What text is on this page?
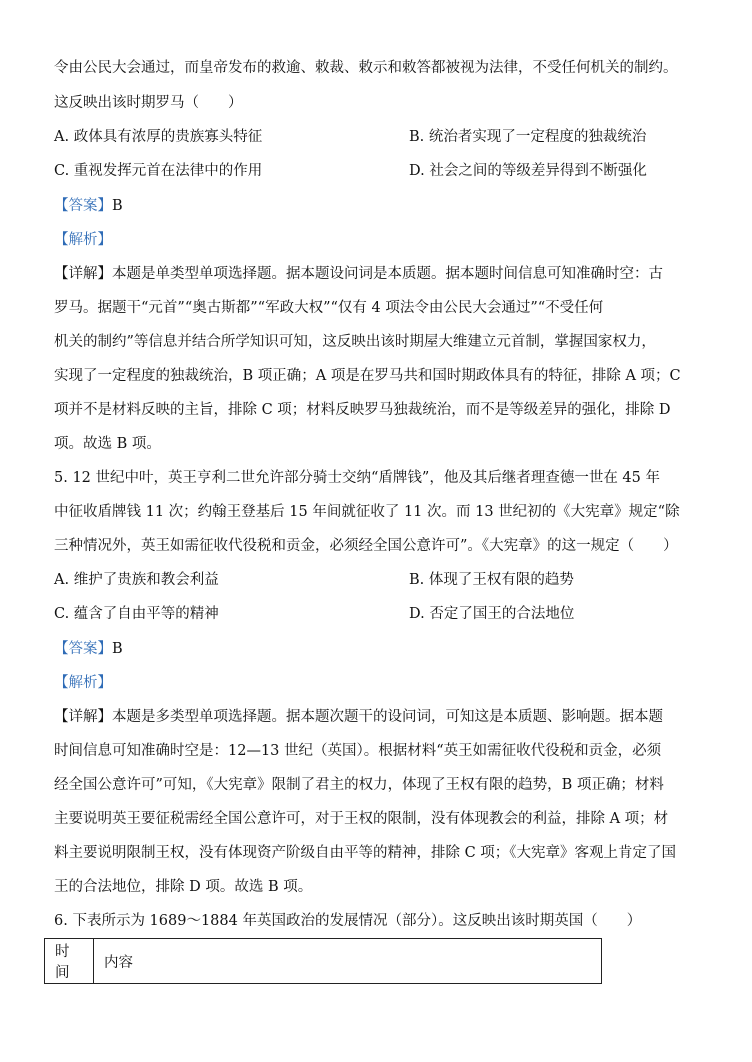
令由公民大会通过，而皇帝发布的救逾、敕裁、敕示和敕答都被视为法律，不受任何机关的制约。
这反映出该时期罗马（　　）
A. 政体具有浓厚的贵族寡头特征	B. 统治者实现了一定程度的独裁统治
C. 重视发挥元首在法律中的作用	D. 社会之间的等级差异得到不断强化
【答案】B
【解析】
【详解】本题是单类型单项选择题。据本题设问词是本质题。据本题时间信息可知准确时空：古
罗马。据题干“元首”“奥古斯都”“军政大权”“仅有 4 项法令由公民大会通过”“不受任何
机关的制约”等信息并结合所学知识可知，这反映出该时期屋大维建立元首制，掌握国家权力，
实现了一定程度的独裁统治，B 项正确；A 项是在罗马共和国时期政体具有的特征，排除 A 项；C
项并不是材料反映的主旨，排除 C 项；材料反映罗马独裁统治，而不是等级差异的强化，排除 D
项。故选 B 项。
5. 12 世纪中叶，英王亨利二世允许部分骑士交纳“盾牌钱”，他及其后继者理查德一世在 45 年
中征收盾牌钱 11 次；约翰王登基后 15 年间就征收了 11 次。而 13 世纪初的《大宪章》规定“除
三种情况外，英王如需征收代役税和贡金，必须经全国公意许可”。《大宪章》的这一规定（　　）
A. 维护了贵族和教会利益	B. 体现了王权有限的趋势
C. 蕴含了自由平等的精神	D. 否定了国王的合法地位
【答案】B
【解析】
【详解】本题是多类型单项选择题。据本题次题干的设问词，可知这是本质题、影响题。据本题
时间信息可知准确时空是：12—13 世纪（英国）。根据材料“英王如需征收代役税和贡金，必须
经全国公意许可”可知，《大宪章》限制了君主的权力，体现了王权有限的趋势，B 项正确；材料
主要说明英王要征税需经全国公意许可，对于王权的限制，没有体现教会的利益，排除 A 项；材
料主要说明限制王权，没有体现资产阶级自由平等的精神，排除 C 项；《大宪章》客观上肯定了国
王的合法地位，排除 D 项。故选 B 项。
6. 下表所示为 1689～1884 年英国政治的发展情况（部分）。这反映出该时期英国（　　）
时间	内容
